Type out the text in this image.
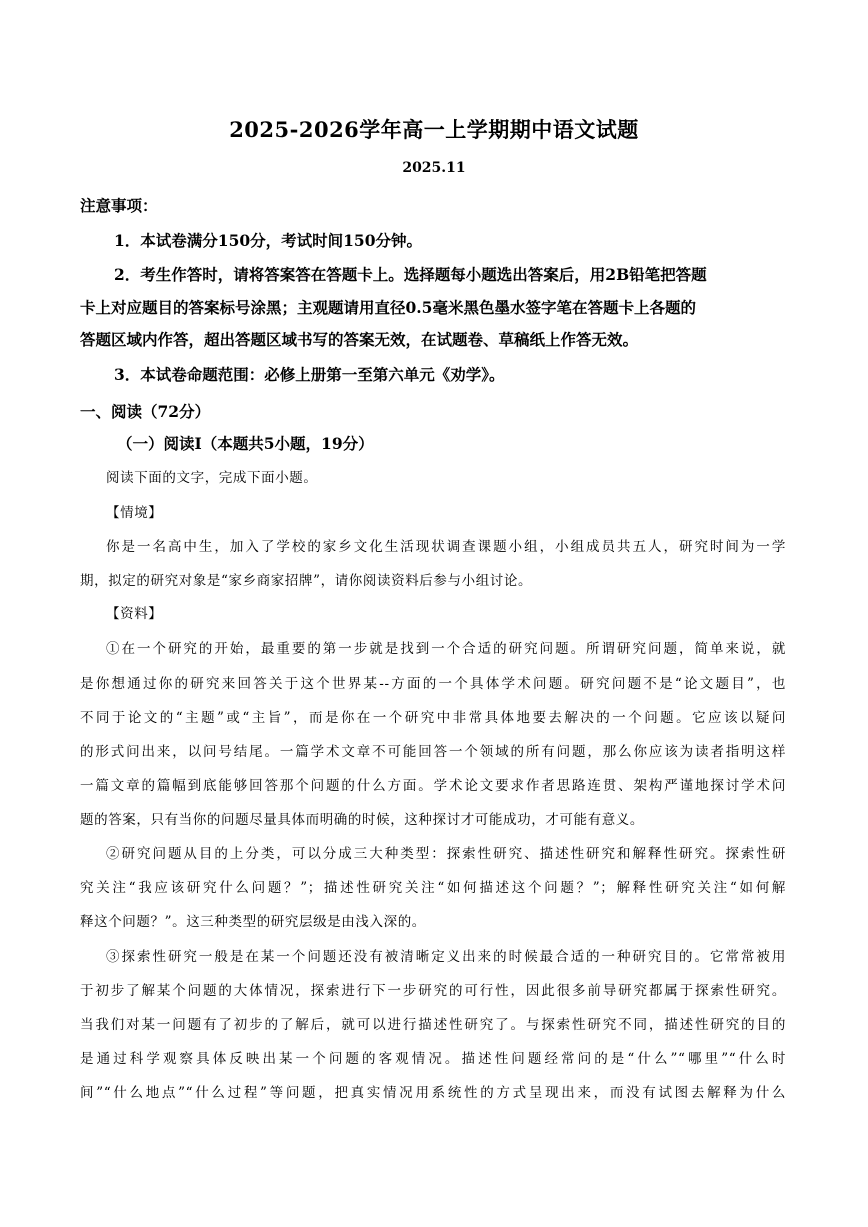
2025-2026学年高一上学期期中语文试题
2025.11
注意事项：
1．本试卷满分150分，考试时间150分钟。
2．考生作答时，请将答案答在答题卡上。选择题每小题选出答案后，用2B铅笔把答题
卡上对应题目的答案标号涂黑；主观题请用直径0.5毫米黑色墨水签字笔在答题卡上各题的
答题区域内作答，超出答题区域书写的答案无效，在试题卷、草稿纸上作答无效。
3．本试卷命题范围：必修上册第一至第六单元《劝学》。
一、阅读（72分）
（一）阅读Ⅰ（本题共5小题，19分）
阅读下面的文字，完成下面小题。
【情境】
你是一名高中生，加入了学校的家乡文化生活现状调查课题小组，小组成员共五人，研究时间为一学
期，拟定的研究对象是“家乡商家招牌”，请你阅读资料后参与小组讨论。
【资料】
①在一个研究的开始，最重要的第一步就是找到一个合适的研究问题。所谓研究问题，简单来说，就
是你想通过你的研究来回答关于这个世界某--方面的一个具体学术问题。研究问题不是“论文题目”，也
不同于论文的“主题”或“主旨”，而是你在一个研究中非常具体地要去解决的一个问题。它应该以疑问
的形式问出来，以问号结尾。一篇学术文章不可能回答一个领域的所有问题，那么你应该为读者指明这样
一篇文章的篇幅到底能够回答那个问题的什么方面。学术论文要求作者思路连贯、架构严谨地探讨学术问
题的答案，只有当你的问题尽量具体而明确的时候，这种探讨才可能成功，才可能有意义。
②研究问题从目的上分类，可以分成三大种类型：探索性研究、描述性研究和解释性研究。探索性研
究关注“我应该研究什么问题？”；描述性研究关注“如何描述这个问题？”；解释性研究关注“如何解
释这个问题？”。这三种类型的研究层级是由浅入深的。
③探索性研究一般是在某一个问题还没有被清晰定义出来的时候最合适的一种研究目的。它常常被用
于初步了解某个问题的大体情况，探索进行下一步研究的可行性，因此很多前导研究都属于探索性研究。
当我们对某一问题有了初步的了解后，就可以进行描述性研究了。与探索性研究不同，描述性研究的目的
是通过科学观察具体反映出某一个问题的客观情况。描述性问题经常问的是“什么”“哪里”“什么时
间”“什么地点”“什么过程”等问题，把真实情况用系统性的方式呈现出来，而没有试图去解释为什么
